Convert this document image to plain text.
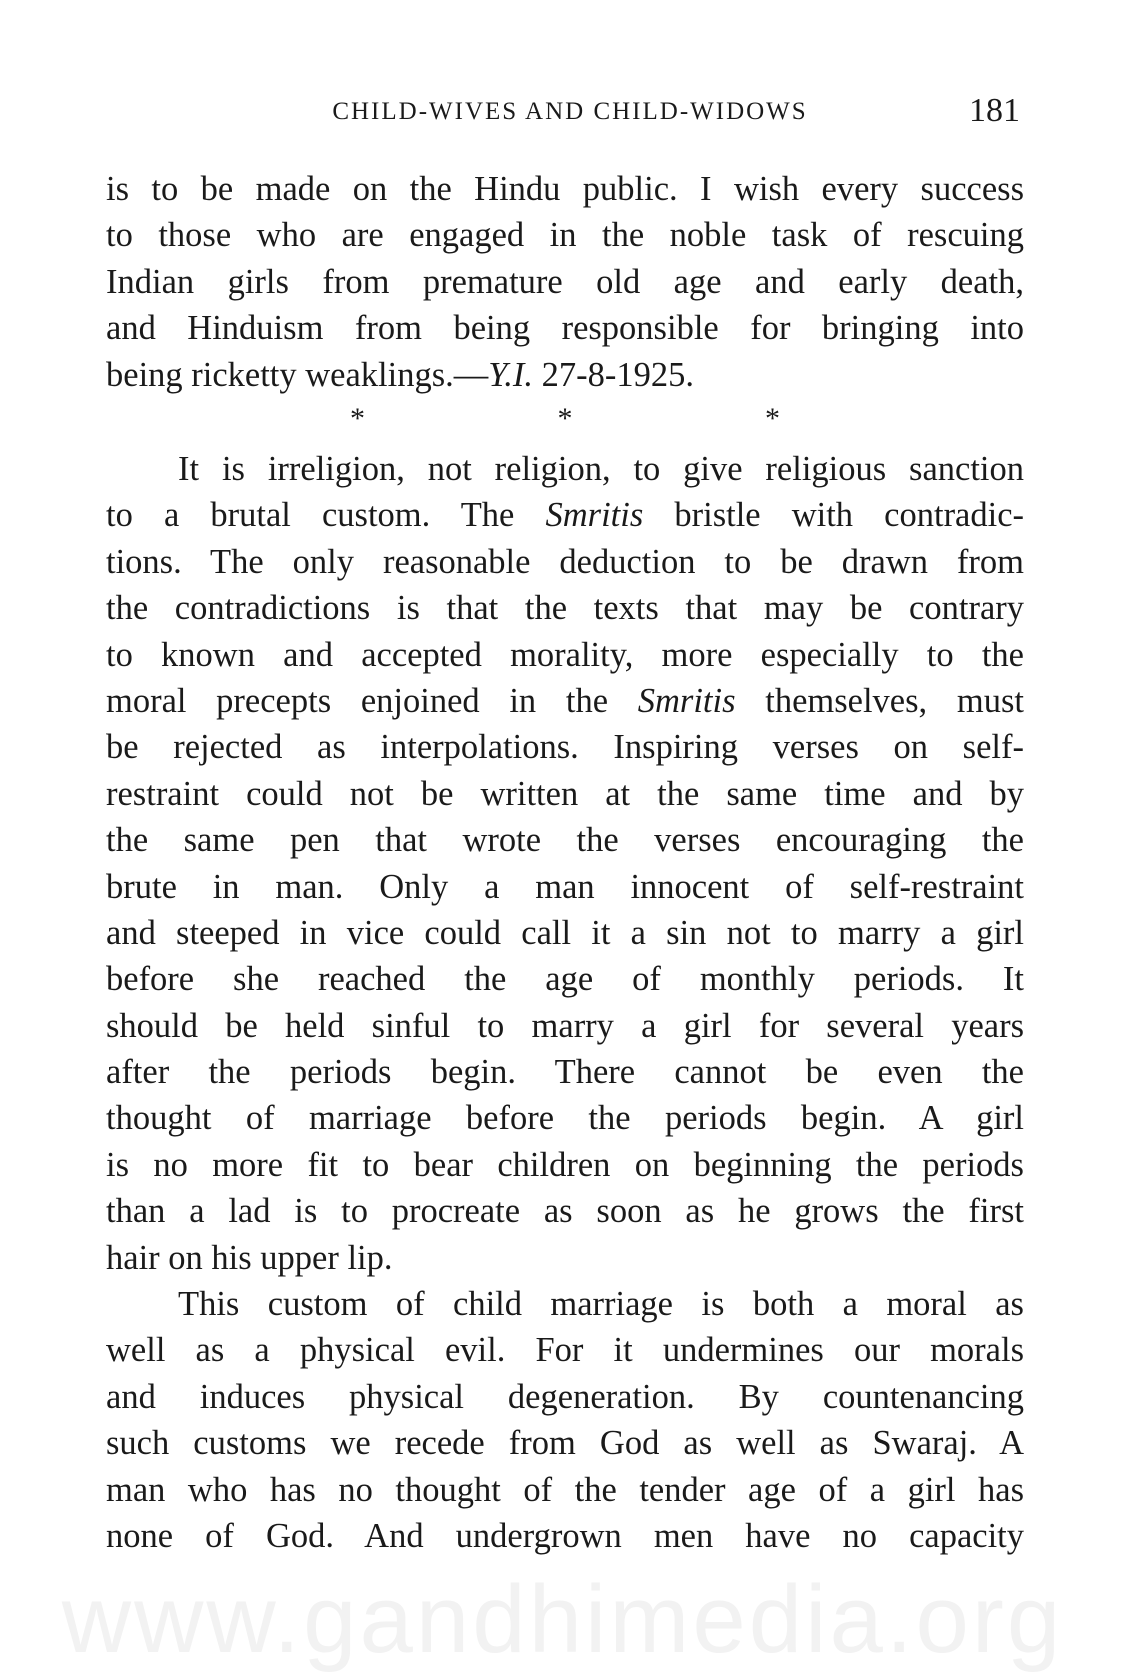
CHILD-WIVES AND CHILD-WIDOWS	181
is to be made on the Hindu public. I wish every success
to those who are engaged in the noble task of rescuing
Indian girls from premature old age and early death,
and Hinduism from being responsible for bringing into
being ricketty weaklings.—Y.I. 27-8-1925.
*	*	*
It is irreligion, not religion, to give religious sanction
to a brutal custom. The Smritis bristle with contradic-
tions. The only reasonable deduction to be drawn from
the contradictions is that the texts that may be contrary
to known and accepted morality, more especially to the
moral precepts enjoined in the Smritis themselves, must
be rejected as interpolations. Inspiring verses on self-
restraint could not be written at the same time and by
the same pen that wrote the verses encouraging the
brute in man. Only a man innocent of self-restraint
and steeped in vice could call it a sin not to marry a girl
before she reached the age of monthly periods. It
should be held sinful to marry a girl for several years
after the periods begin. There cannot be even the
thought of marriage before the periods begin. A girl
is no more fit to bear children on beginning the periods
than a lad is to procreate as soon as he grows the first
hair on his upper lip.
This custom of child marriage is both a moral as
well as a physical evil. For it undermines our morals
and induces physical degeneration. By countenancing
such customs we recede from God as well as Swaraj. A
man who has no thought of the tender age of a girl has
none of God. And undergrown men have no capacity
www.gandhimedia.org
